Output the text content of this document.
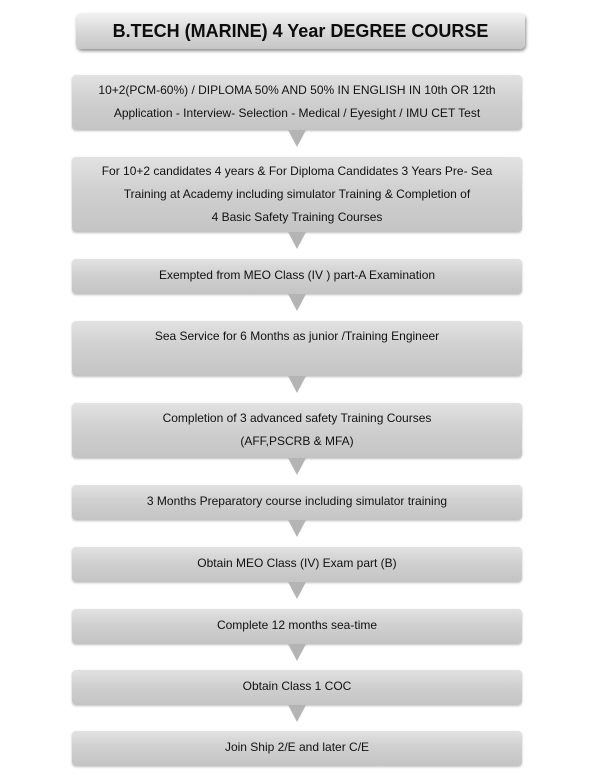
B.TECH (MARINE) 4 Year DEGREE COURSE
10+2(PCM-60%) / DIPLOMA 50% AND 50% IN ENGLISH IN 10th OR 12th
Application - Interview- Selection - Medical / Eyesight / IMU CET Test
For 10+2 candidates 4 years & For Diploma Candidates 3 Years Pre- Sea
Training at Academy including simulator Training & Completion of
4 Basic Safety Training Courses
Exempted from MEO Class (IV ) part-A Examination
Sea Service for 6 Months as junior /Training Engineer
Completion of 3 advanced safety Training Courses
(AFF,PSCRB & MFA)
3 Months Preparatory course including simulator training
Obtain MEO Class (IV) Exam part (B)
Complete 12 months sea-time
Obtain Class 1 COC
Join Ship 2/E and later C/E
